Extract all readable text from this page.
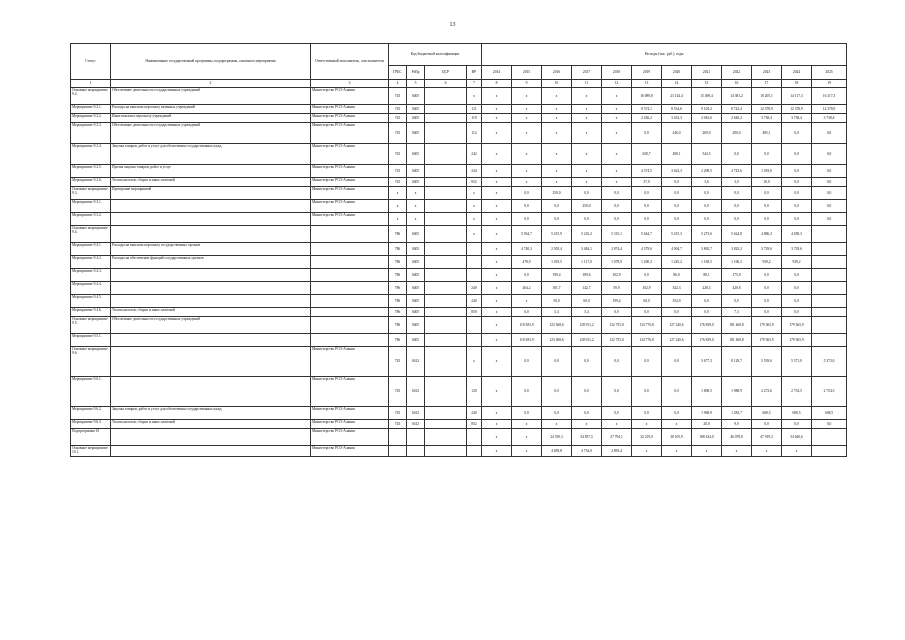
13
Статус	Наименование государственной программы, подпрограммы, основного мероприятия	Ответственный исполнитель, соисполнители	Код бюджетной классификации				Расходы (тыс. руб.), годы											
			ГРБС	РзПр	ЦСР	ВР	2014	2015	2016	2017	2018	2019	2020	2021	2022	2023	2024	2025
1	2	3	4	5	6	7	8	9	10	11	12	13	14	15	16	17	18	19
Основное мероприятие 9.2.	Обеспечение деятельности государственных учреждений	Министерство РСО-Алания	745	0405		x	x	x	x	x	x	16 089,8	23 144,4	15 498,4	14 381,2	10 205,1	14 117,3	16 317,3
Мероприятие 9.2.1.	Расходы на выплаты персоналу казенных учреждений	Министерство РСО-Алания	745	0405		111	x	x	x	x	x	8 374,1	8 534,6	9 103,2	8 742,4	12 378,9	12 378,9	12 378,9
Мероприятие 9.2.2.	Иные выплаты персоналу учреждений	Министерство РСО-Алания	745	0405		119	x	x	x	x	x	2 456,2	3 452,3	2 943,6	2 640,2	3 738,4	3 738,4	3 738,4
Мероприятие 9.2.3.	Обеспечение деятельности государственных учреждений	Министерство РСО-Алания	745	0405		112	x	x	x	x	x	0,0	246,0	269,0	200,0	485,1	0,0	0,0
Мероприятие 9.2.4.	Закупка товаров, работ и услуг для обеспечения государственных нужд	Министерство РСО-Алания	745	0405		242	x	x	x	x	x	658,7	208,1	544,5	0,0	0,0	0,0	0,0
Мероприятие 9.2.5.	Прочая закупка товаров, работ и услуг	Министерство РСО-Алания	745	0405		244	x	x	x	x	x	4 374,5	3 622,3	2 208,5	2 743,6	1 493,0	0,0	0,0
Мероприятие 9.2.6.	Уплата налогов, сборов и иных платежей	Министерство РСО-Алания	745	0405		852	x	x	x	x	x	37,0	0,0	3,6	3,0	10,0	0,0	0,0
Основное мероприятие 9.3.	Проведение мероприятий	Министерство РСО-Алания	x	x		x	x	0,0	250,0	0,0	0,0	0,0	0,0	0,0	0,0	0,0	0,0	0,0
Мероприятие 9.3.1.		Министерство РСО-Алания	x	x		x	x	0,0	0,0	250,0	0,0	0,0	0,0	0,0	0,0	0,0	0,0	0,0
Мероприятие 9.3.2.		Министерство РСО-Алания	x	x		x	x	0,0	0,0	0,0	0,0	0,0	0,0	0,0	0,0	0,0	0,0	0,0
Основное мероприятие 9.4.			786	0405		x	x	5 934,7	5 415,9	5 216,2	5 315,1	5 644,7	5 415,3	5 273,6	5 624,8	4 886,3	4 658,3	
Мероприятие 9.4.1.	Расходы на выплаты персоналу государственных органов		786	0405			x	4 740,3	2 505,4	3 484,1	2 874,4	4 379,6	4 004,7	3 865,7	3 825,2	3 729,6	3 729,6	
Мероприятие 9.4.2.	Расходы на обеспечение функций государственных органов		786	0405			x	478,9	1 019,5	1 117,0	1 078,9	1 200,3	1 245,2	1 169,5	1 160,3	939,2	939,2	
Мероприятие 9.4.3.			786	0405			x	0,0	199,4	189,6	102,9	0,0	86,0	88,1	175,9	0,0	0,0	
Мероприятие 9.4.4.			786	0405		240	x	264,2	181,7	142,7	59,9	102,9	342,3	228,3	420,8	0,0	0,0	
Мероприятие 9.4.5.			786	0405		240	x	x	50,0	60,0	199,4	60,0	354,9	0,0	0,0	0,0	0,0	
Мероприятие 9.4.6.	Уплата налогов, сборов и иных платежей		786	0405		850	x	6,0	5,4	5,4	0,0	0,0	0,0	0,0	7,3	0,0	0,0	
Основное мероприятие 9.5.	Обеспечение деятельности государственных учреждений		786	0405			x	118 383,9	123 368,6	128 911,2	132 755,0	134 776,8	127 240,6	176 839,0	181 460,8	179 365,9	179 365,9	
Мероприятие 9.5.1.			786	0405			x	118 383,9	123 368,6	128 911,2	132 755,0	134 776,8	127 240,6	176 839,0	181 460,8	179 365,9	179 365,9	
Основное мероприятие 9.6.		Министерство РСО-Алания	745	0412		x	x	0,0	0,0	0,0	0,0	0,0	0,0	3 677,3	8 129,7	5 539,6	5 371,0	5 373,0
Мероприятие 9.6.1.		Министерство РСО-Алания	745	0412		120	x	0,0	0,0	0,0	0,0	0,0	0,0	1 698,5	1 988,9	2 272,6	2 754,5	2 754,5
Мероприятие 9.6.2.	Закупка товаров, работ и услуг для обеспечения государственных нужд	Министерство РСО-Алания	745	0412		240	x	0,0	0,0	0,0	0,0	0,0	0,0	1 968,9	1 283,7	608,5	608,5	608,5
Мероприятие 9.6.3.	Уплата налогов, сборов и иных платежей	Министерство РСО-Алания	745	0412		852	x	x	x	x	x	x	x	20,0	9,0	0,0	0,0	0,0
Подпрограмма 10		Министерство РСО-Алания					x	x	24 539,3	34 857,5	27 794,1	32 219,0	38 105,9	188 434,0	46 078,8	47 919,3	54 640,6	
Основное мероприятие 10.1.		Министерство РСО-Алания					x	x	4 659,8	4 754,0	2 893,4	x	x	x	x	x	x	
